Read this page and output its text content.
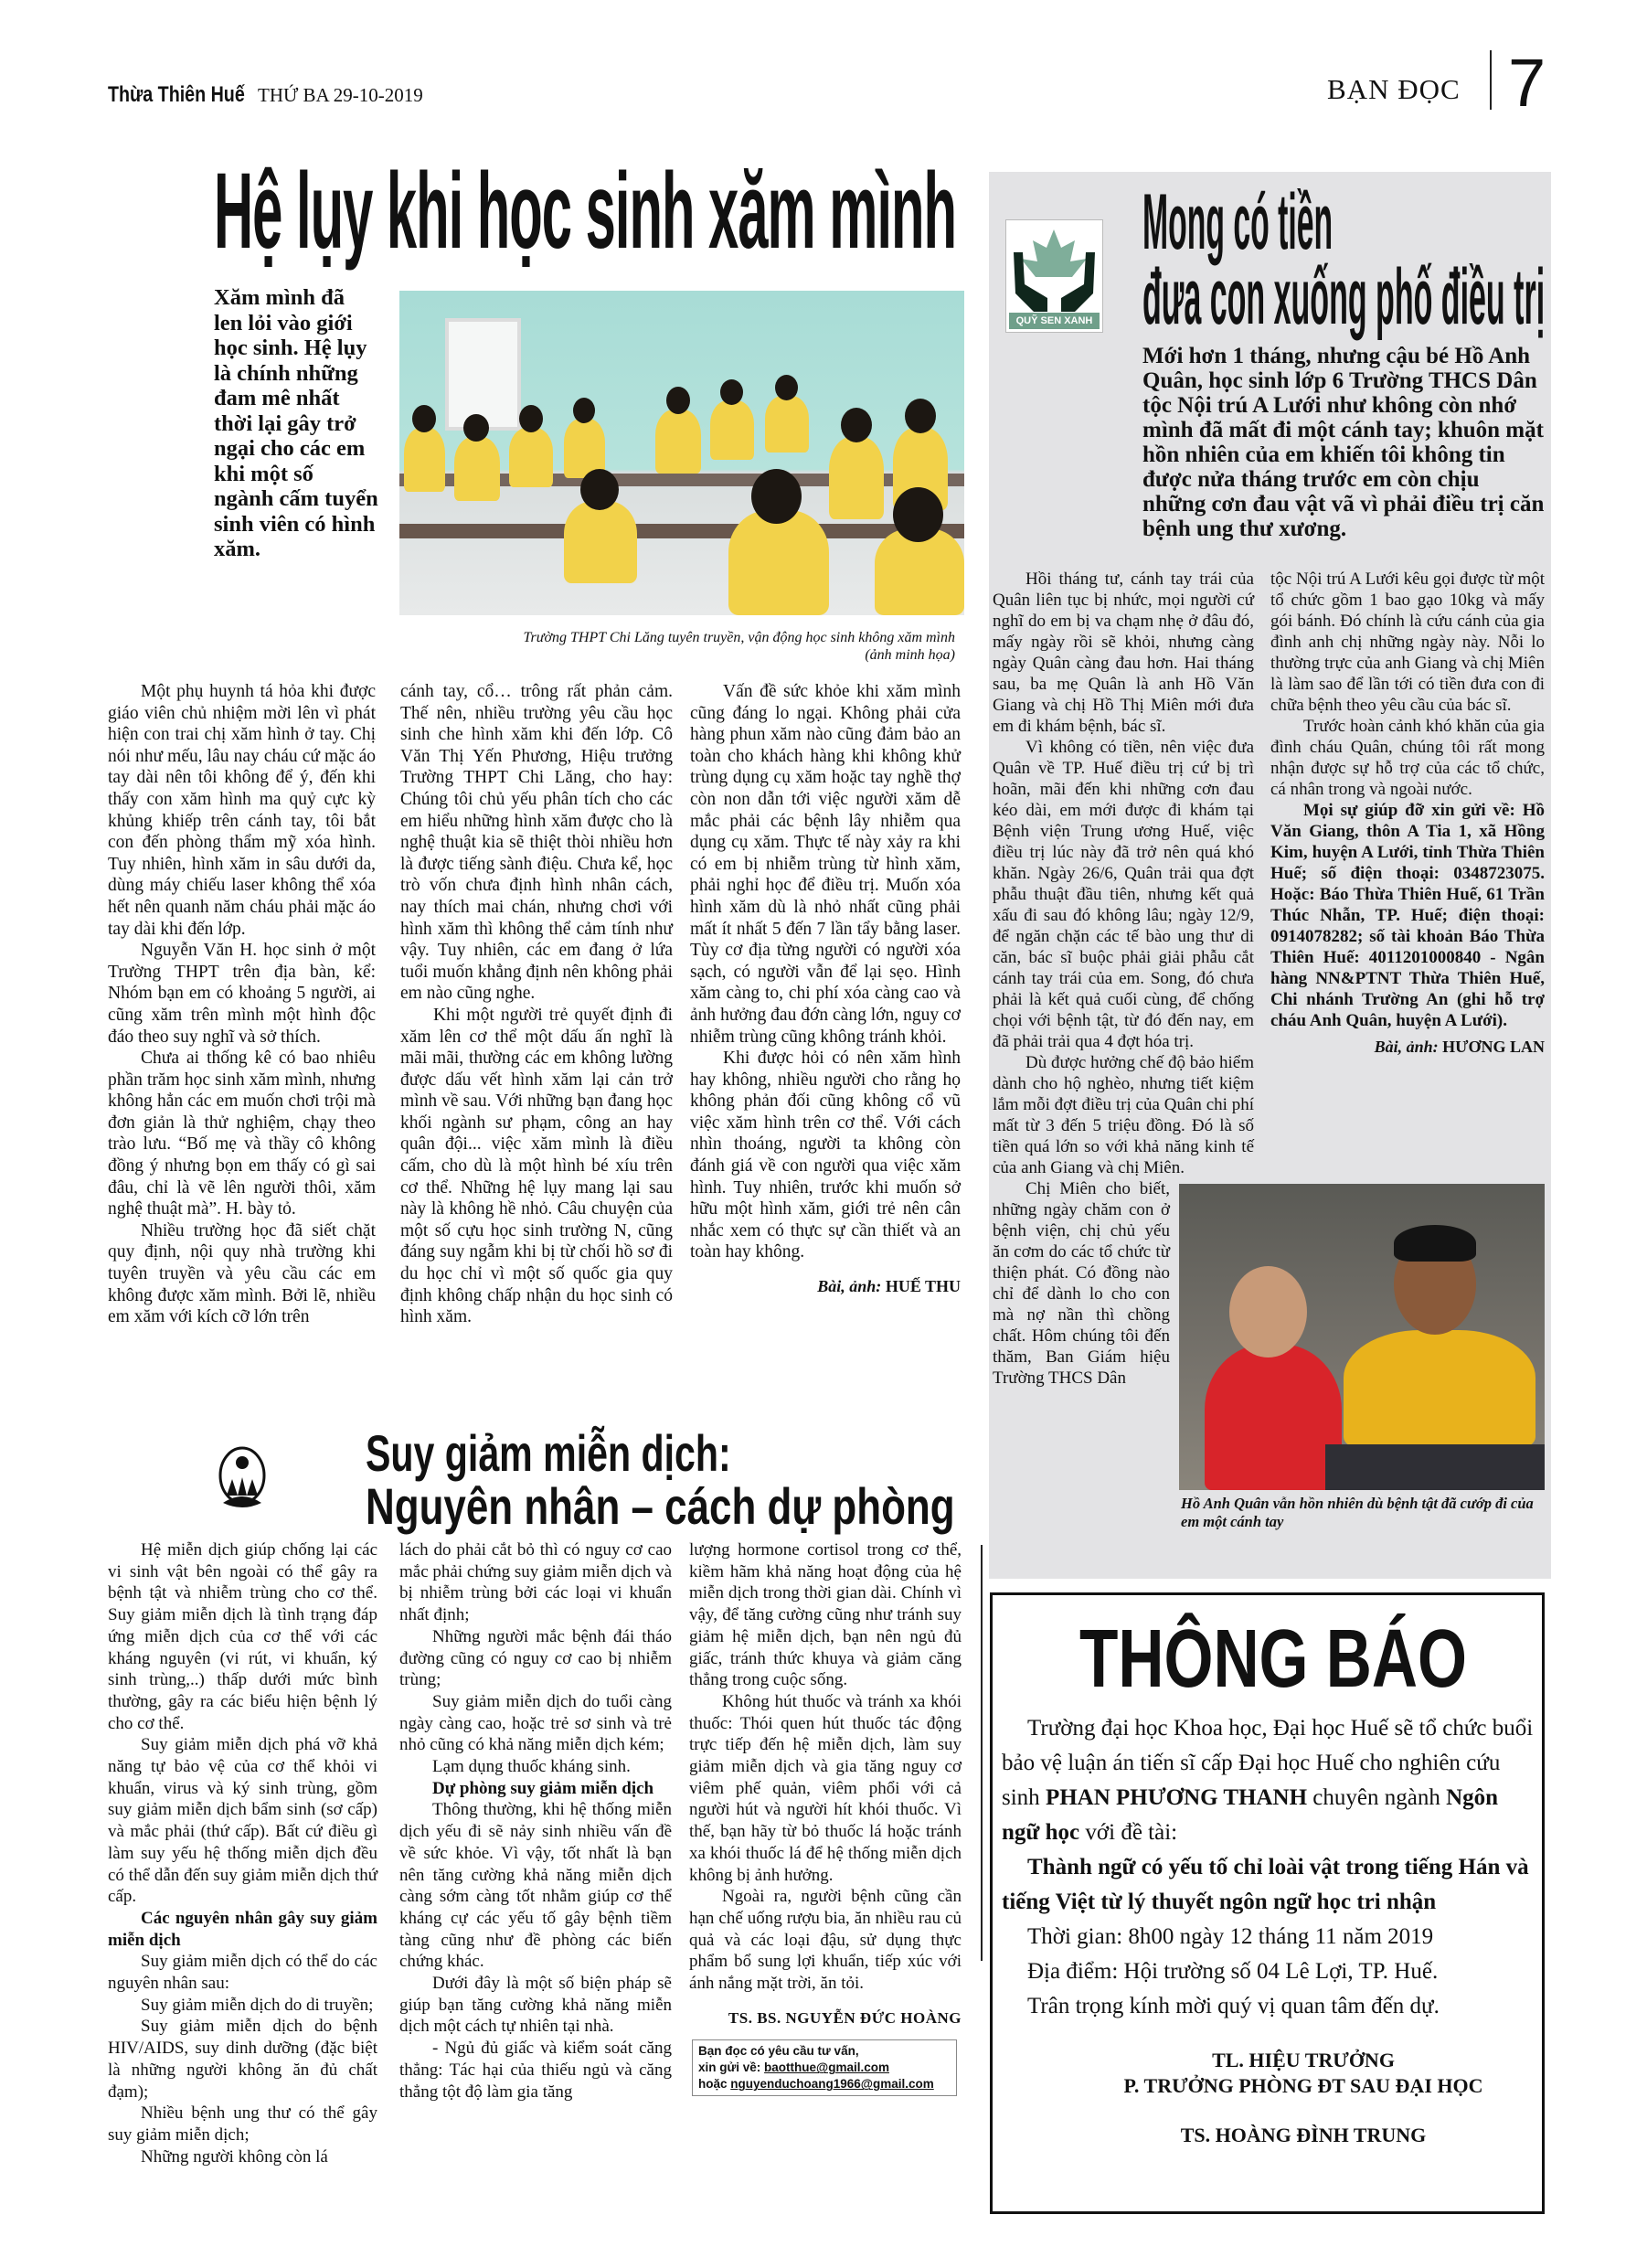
Thừa Thiên Huế THỨ BA 29-10-2019	BẠN ĐỌC 7
Hệ lụy khi học sinh xăm mình
Xăm mình đã len lỏi vào giới học sinh. Hệ lụy là chính những đam mê nhất thời lại gây trở ngại cho các em khi một số ngành cấm tuyển sinh viên có hình xăm.
Trường THPT Chi Lăng tuyên truyền, vận động học sinh không xăm mình
(ảnh minh họa)

Một phụ huynh tá hỏa khi được giáo viên chủ nhiệm mời lên vì phát hiện con trai chị xăm hình ở tay. Chị nói như mếu, lâu nay cháu cứ mặc áo tay dài nên tôi không để ý, đến khi thấy con xăm hình ma quỷ cực kỳ khủng khiếp trên cánh tay, tôi bắt con đến phòng thẩm mỹ xóa hình. Tuy nhiên, hình xăm in sâu dưới da, dùng máy chiếu laser không thể xóa hết nên quanh năm cháu phải mặc áo tay dài khi đến lớp.

Nguyễn Văn H. học sinh ở một Trường THPT trên địa bàn, kể: Nhóm bạn em có khoảng 5 người, ai cũng xăm trên mình một hình độc đáo theo suy nghĩ và sở thích.

Chưa ai thống kê có bao nhiêu phần trăm học sinh xăm mình, nhưng không hẳn các em muốn chơi trội mà đơn giản là thử nghiệm, chạy theo trào lưu. “Bố mẹ và thầy cô không đồng ý nhưng bọn em thấy có gì sai đâu, chỉ là vẽ lên người thôi, xăm nghệ thuật mà”. H. bày tỏ.

Nhiều trường học đã siết chặt quy định, nội quy nhà trường khi tuyên truyền và yêu cầu các em không được xăm mình. Bởi lẽ, nhiều em xăm với kích cỡ lớn trên

cánh tay, cổ… trông rất phản cảm. Thế nên, nhiều trường yêu cầu học sinh che hình xăm khi đến lớp. Cô Văn Thị Yến Phương, Hiệu trưởng Trường THPT Chi Lăng, cho hay: Chúng tôi chủ yếu phân tích cho các em hiểu những hình xăm được cho là nghệ thuật kia sẽ thiệt thòi nhiều hơn là được tiếng sành điệu. Chưa kể, học trò vốn chưa định hình nhân cách, nay thích mai chán, nhưng chơi với hình xăm thì không thể cảm tính như vậy. Tuy nhiên, các em đang ở lứa tuổi muốn khẳng định nên không phải em nào cũng nghe.

Khi một người trẻ quyết định đi xăm lên cơ thể một dấu ấn nghĩ là mãi mãi, thường các em không lường được dấu vết hình xăm lại cản trở mình về sau. Với những bạn đang học khối ngành sư phạm, công an hay quân đội... việc xăm mình là điều cấm, cho dù là một hình bé xíu trên cơ thể. Những hệ lụy mang lại sau này là không hề nhỏ. Câu chuyện của một số cựu học sinh trường N, cũng đáng suy ngẫm khi bị từ chối hồ sơ đi du học chỉ vì một số quốc gia quy định không chấp nhận du học sinh có hình xăm.

Vấn đề sức khỏe khi xăm mình cũng đáng lo ngại. Không phải cửa hàng phun xăm nào cũng đảm bảo an toàn cho khách hàng khi không khử trùng dụng cụ xăm hoặc tay nghề thợ còn non dẫn tới việc người xăm dễ mắc phải các bệnh lây nhiễm qua dụng cụ xăm. Thực tế này xảy ra khi có em bị nhiễm trùng từ hình xăm, phải nghỉ học để điều trị. Muốn xóa hình xăm dù là nhỏ nhất cũng phải mất ít nhất 5 đến 7 lần tẩy bằng laser. Tùy cơ địa từng người có người xóa sạch, có người vẫn để lại sẹo. Hình xăm càng to, chi phí xóa càng cao và ảnh hưởng đau đớn càng lớn, nguy cơ nhiễm trùng cũng không tránh khỏi.

Khi được hỏi có nên xăm hình hay không, nhiều người cho rằng họ không phản đối cũng không cổ vũ việc xăm hình trên cơ thể. Với cách nhìn thoáng, người ta không còn đánh giá về con người qua việc xăm hình. Tuy nhiên, trước khi muốn sở hữu một hình xăm, giới trẻ nên cân nhắc xem có thực sự cần thiết và an toàn hay không.

Bài, ảnh: HUẾ THU
QUỸ SEN XANH
Mong có tiền
đưa con xuống phố điều trị
Mới hơn 1 tháng, nhưng cậu bé Hồ Anh Quân, học sinh lớp 6 Trường THCS Dân tộc Nội trú A Lưới như không còn nhớ mình đã mất đi một cánh tay; khuôn mặt hồn nhiên của em khiến tôi không tin được nửa tháng trước em còn chịu những cơn đau vật vã vì phải điều trị căn bệnh ung thư xương.

Hồi tháng tư, cánh tay trái của Quân liên tục bị nhức, mọi người cứ nghĩ do em bị va chạm nhẹ ở đâu đó, mấy ngày rồi sẽ khỏi, nhưng càng ngày Quân càng đau hơn. Hai tháng sau, ba mẹ Quân là anh Hồ Văn Giang và chị Hồ Thị Miên mới đưa em đi khám bệnh, bác sĩ.

Vì không có tiền, nên việc đưa Quân về TP. Huế điều trị cứ bị trì hoãn, mãi đến khi những cơn đau kéo dài, em mới được đi khám tại Bệnh viện Trung ương Huế, việc điều trị lúc này đã trở nên quá khó khăn. Ngày 26/6, Quân trải qua đợt phẫu thuật đầu tiên, nhưng kết quả xấu đi sau đó không lâu; ngày 12/9, để ngăn chặn các tế bào ung thư di căn, bác sĩ buộc phải giải phẫu cắt cánh tay trái của em. Song, đó chưa phải là kết quả cuối cùng, để chống chọi với bệnh tật, từ đó đến nay, em đã phải trải qua 4 đợt hóa trị.

Dù được hưởng chế độ bảo hiểm dành cho hộ nghèo, nhưng tiết kiệm lắm mỗi đợt điều trị của Quân chi phí mất từ 3 đến 5 triệu đồng. Đó là số tiền quá lớn so với khả năng kinh tế của anh Giang và chị Miên.

Chị Miên cho biết, những ngày chăm con ở bệnh viện, chị chủ yếu ăn cơm do các tổ chức từ thiện phát. Có đồng nào chỉ để dành lo cho con mà nợ nần thì chồng chất. Hôm chúng tôi đến thăm, Ban Giám hiệu Trường THCS Dân

tộc Nội trú A Lưới kêu gọi được từ một tổ chức gồm 1 bao gạo 10kg và mấy gói bánh. Đó chính là cứu cánh của gia đình anh chị những ngày này. Nỗi lo thường trực của anh Giang và chị Miên là làm sao để lần tới có tiền đưa con đi chữa bệnh theo yêu cầu của bác sĩ.

Trước hoàn cảnh khó khăn của gia đình cháu Quân, chúng tôi rất mong nhận được sự hỗ trợ của các tổ chức, cá nhân trong và ngoài nước.

Mọi sự giúp đỡ xin gửi về: Hồ Văn Giang, thôn A Tia 1, xã Hồng Kim, huyện A Lưới, tỉnh Thừa Thiên Huế; số điện thoại: 0348723075. Hoặc: Báo Thừa Thiên Huế, 61 Trần Thúc Nhẫn, TP. Huế; điện thoại: 0914078282; số tài khoản Báo Thừa Thiên Huế: 4011201000840 - Ngân hàng NN&PTNT Thừa Thiên Huế, Chi nhánh Trường An (ghi hỗ trợ cháu Anh Quân, huyện A Lưới).

Bài, ảnh: HƯƠNG LAN
Hồ Anh Quân vẫn hồn nhiên dù bệnh tật đã cướp đi của em một cánh tay
Suy giảm miễn dịch:
Nguyên nhân – cách dự phòng

Hệ miễn dịch giúp chống lại các vi sinh vật bên ngoài có thể gây ra bệnh tật và nhiễm trùng cho cơ thể. Suy giảm miễn dịch là tình trạng đáp ứng miễn dịch của cơ thể với các kháng nguyên (vi rút, vi khuẩn, ký sinh trùng,..) thấp dưới mức bình thường, gây ra các biểu hiện bệnh lý cho cơ thể.

Suy giảm miễn dịch phá vỡ khả năng tự bảo vệ của cơ thể khỏi vi khuẩn, virus và ký sinh trùng, gồm suy giảm miễn dịch bẩm sinh (sơ cấp) và mắc phải (thứ cấp). Bất cứ điều gì làm suy yếu hệ thống miễn dịch đều có thể dẫn đến suy giảm miễn dịch thứ cấp.

Các nguyên nhân gây suy giảm miễn dịch

Suy giảm miễn dịch có thể do các nguyên nhân sau:

Suy giảm miễn dịch do di truyền;

Suy giảm miễn dịch do bệnh HIV/AIDS, suy dinh dưỡng (đặc biệt là những người không ăn đủ chất đạm);

Nhiều bệnh ung thư có thể gây suy giảm miễn dịch;

Những người không còn lá

lách do phải cắt bỏ thì có nguy cơ cao mắc phải chứng suy giảm miễn dịch và bị nhiễm trùng bởi các loại vi khuẩn nhất định;

Những người mắc bệnh đái tháo đường cũng có nguy cơ cao bị nhiễm trùng;

Suy giảm miễn dịch do tuổi càng ngày càng cao, hoặc trẻ sơ sinh và trẻ nhỏ cũng có khả năng miễn dịch kém;

Lạm dụng thuốc kháng sinh.

Dự phòng suy giảm miễn dịch

Thông thường, khi hệ thống miễn dịch yếu đi sẽ nảy sinh nhiều vấn đề về sức khỏe. Vì vậy, tốt nhất là bạn nên tăng cường khả năng miễn dịch càng sớm càng tốt nhằm giúp cơ thể kháng cự các yếu tố gây bệnh tiềm tàng cũng như đề phòng các biến chứng khác.

Dưới đây là một số biện pháp sẽ giúp bạn tăng cường khả năng miễn dịch một cách tự nhiên tại nhà.

- Ngủ đủ giấc và kiểm soát căng thẳng: Tác hại của thiếu ngủ và căng thẳng tột độ làm gia tăng

lượng hormone cortisol trong cơ thể, kiềm hãm khả năng hoạt động của hệ miễn dịch trong thời gian dài. Chính vì vậy, để tăng cường cũng như tránh suy giảm hệ miễn dịch, bạn nên ngủ đủ giấc, tránh thức khuya và giảm căng thẳng trong cuộc sống.

Không hút thuốc và tránh xa khói thuốc: Thói quen hút thuốc tác động trực tiếp đến hệ miễn dịch, làm suy giảm miễn dịch và gia tăng nguy cơ viêm phế quản, viêm phổi với cả người hút và người hít khói thuốc. Vì thế, bạn hãy từ bỏ thuốc lá hoặc tránh xa khói thuốc lá để hệ thống miễn dịch không bị ảnh hưởng.

Ngoài ra, người bệnh cũng cần hạn chế uống rượu bia, ăn nhiều rau củ quả và các loại đậu, sử dụng thực phẩm bổ sung lợi khuẩn, tiếp xúc với ánh nắng mặt trời, ăn tỏi.

TS. BS. NGUYỄN ĐỨC HOÀNG
Bạn đọc có yêu cầu tư vấn,
xin gửi về: baotthue@gmail.com
hoặc nguyenduchoang1966@gmail.com
THÔNG BÁO
Trường đại học Khoa học, Đại học Huế sẽ tổ chức buổi bảo vệ luận án tiến sĩ cấp Đại học Huế cho nghiên cứu sinh PHAN PHƯƠNG THANH chuyên ngành Ngôn ngữ học với đề tài:
Thành ngữ có yếu tố chỉ loài vật trong tiếng Hán và tiếng Việt từ lý thuyết ngôn ngữ học tri nhận
Thời gian: 8h00 ngày 12 tháng 11 năm 2019
Địa điểm: Hội trường số 04 Lê Lợi, TP. Huế.
Trân trọng kính mời quý vị quan tâm đến dự.
TL. HIỆU TRƯỞNG
P. TRƯỞNG PHÒNG ĐT SAU ĐẠI HỌC
TS. HOÀNG ĐÌNH TRUNG
